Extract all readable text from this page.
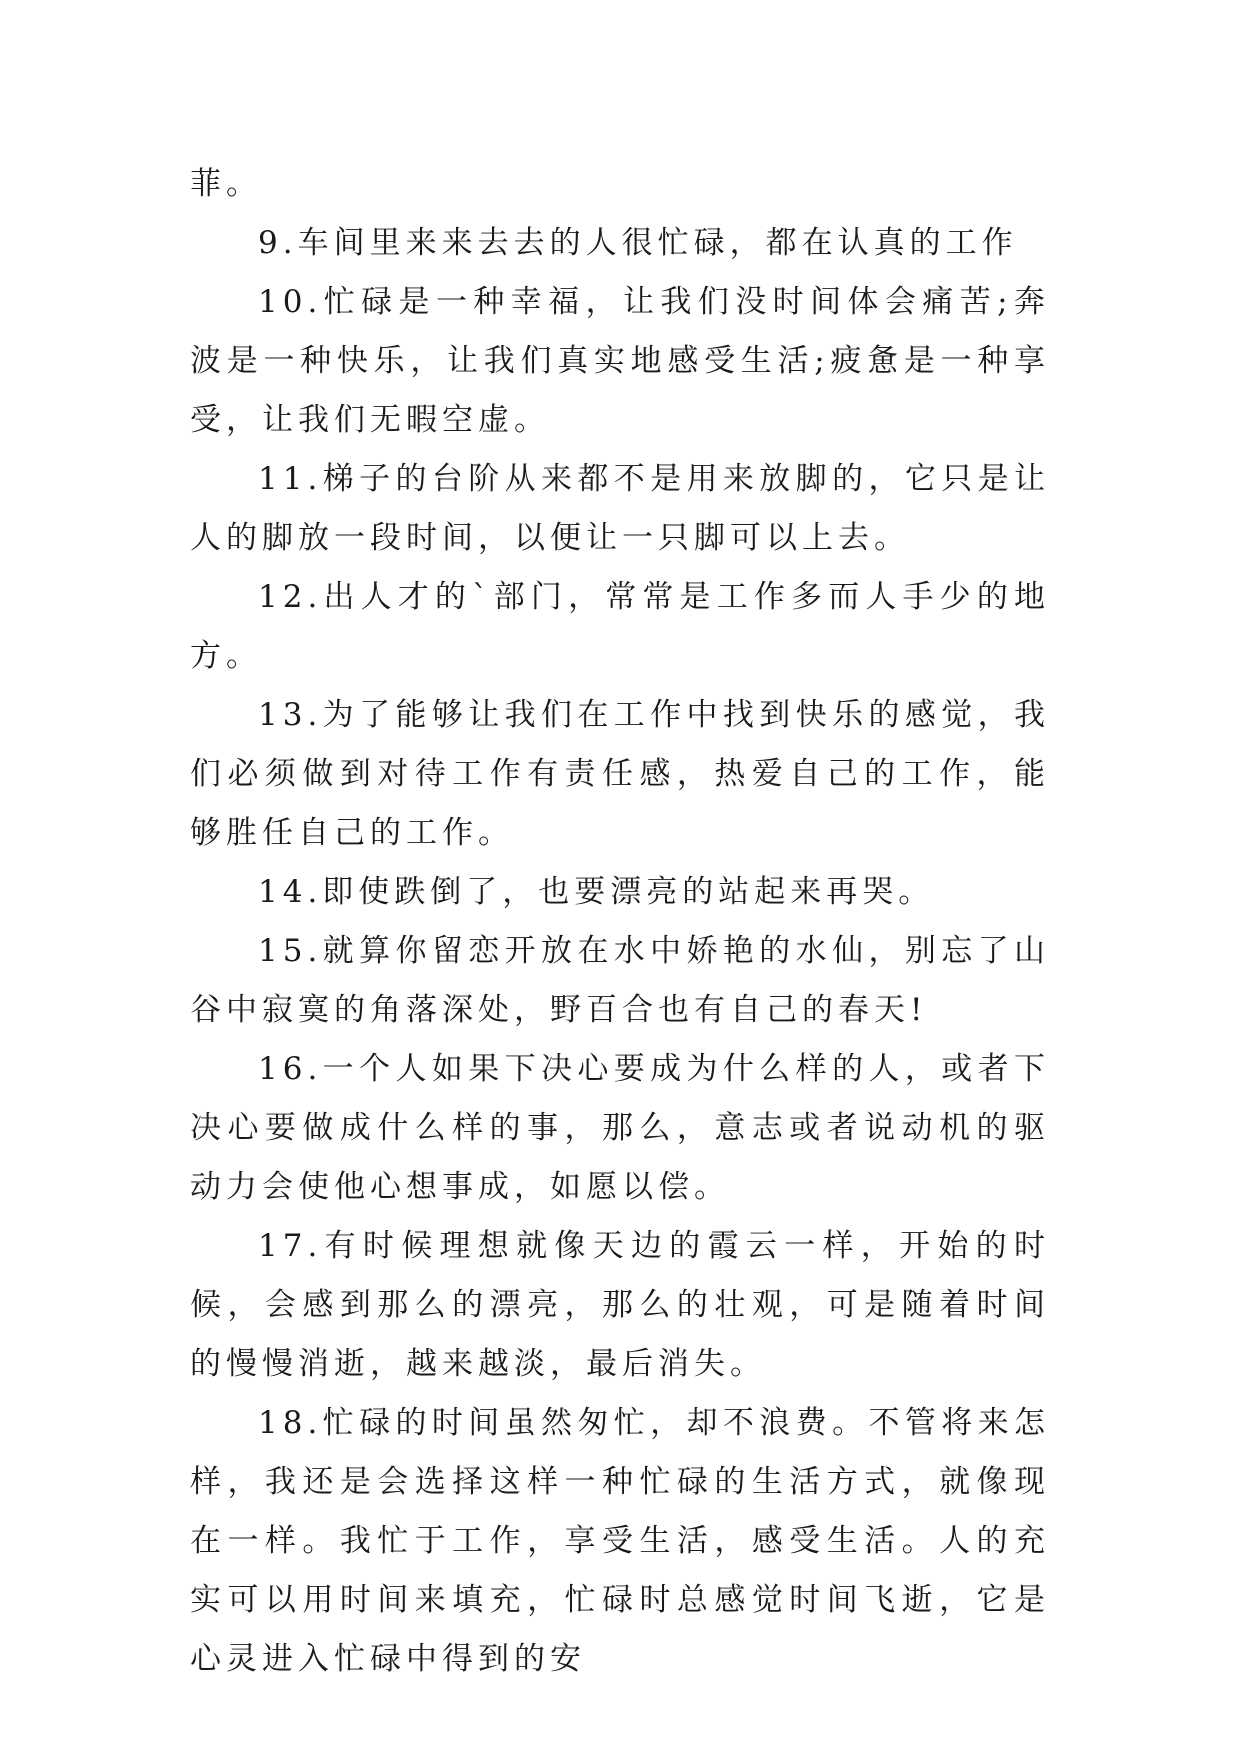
菲。

9.车间里来来去去的人很忙碌，都在认真的工作

10.忙碌是一种幸福，让我们没时间体会痛苦;奔波是一种快乐，让我们真实地感受生活;疲惫是一种享受，让我们无暇空虚。

11.梯子的台阶从来都不是用来放脚的，它只是让人的脚放一段时间，以便让一只脚可以上去。

12.出人才的`部门，常常是工作多而人手少的地方。

13.为了能够让我们在工作中找到快乐的感觉，我们必须做到对待工作有责任感，热爱自己的工作，能够胜任自己的工作。

14.即使跌倒了，也要漂亮的站起来再哭。

15.就算你留恋开放在水中娇艳的水仙，别忘了山谷中寂寞的角落深处，野百合也有自己的春天!

16.一个人如果下决心要成为什么样的人，或者下决心要做成什么样的事，那么，意志或者说动机的驱动力会使他心想事成，如愿以偿。

17.有时候理想就像天边的霞云一样，开始的时候，会感到那么的漂亮，那么的壮观，可是随着时间的慢慢消逝，越来越淡，最后消失。

18.忙碌的时间虽然匆忙，却不浪费。不管将来怎样，我还是会选择这样一种忙碌的生活方式，就像现在一样。我忙于工作，享受生活，感受生活。人的充实可以用时间来填充，忙碌时总感觉时间飞逝，它是心灵进入忙碌中得到的安
